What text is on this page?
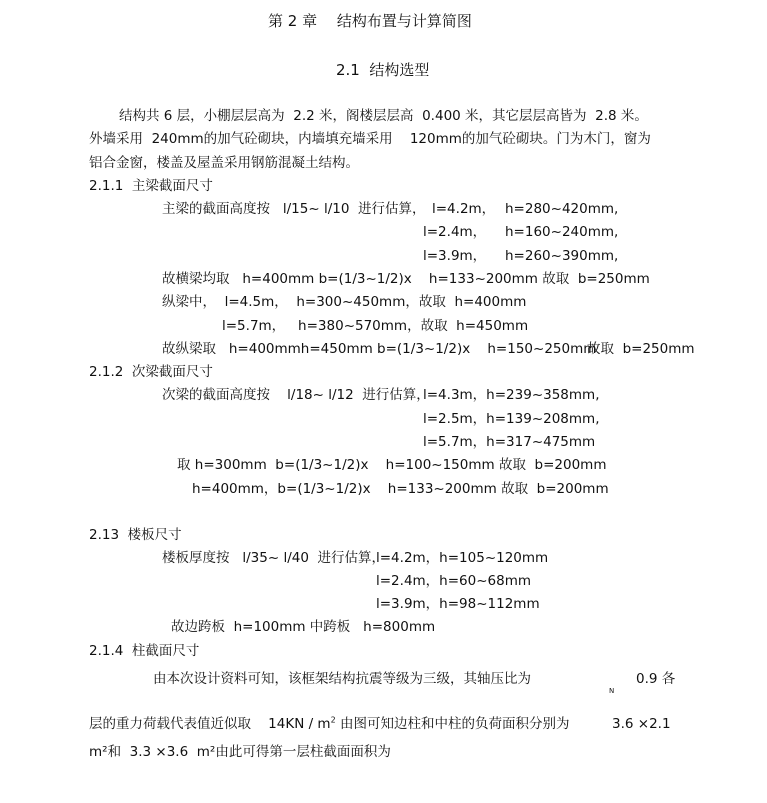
第 2 章　 结构布置与计算简图
2.1  结构选型
结构共 6 层，小棚层层高为  2.2 米，阁楼层层高  0.400 米，其它层层高皆为  2.8 米。
外墙采用  240mm的加气砼砌块，内墙填充墙采用    120mm的加气砼砌块。门为木门，窗为
铝合金窗，楼盖及屋盖采用钢筋混凝土结构。
2.1.1  主梁截面尺寸
主梁的截面高度按   l/15~ l/10  进行估算， l=4.2m， h=280~420mm,
l=2.4m， h=160~240mm,
l=3.9m， h=260~390mm,
故横梁均取   h=400mm b=(1/3~1/2)x    h=133~200mm 故取  b=250mm
纵梁中，  l=4.5m，  h=300~450mm，故取  h=400mm
l=5.7m，   h=380~570mm，故取  h=450mm
故纵梁取   h=400mmh=450mm b=(1/3~1/2)x    h=150~250mm
故取  b=250mm
2.1.2  次梁截面尺寸
次梁的截面高度按    l/18~ l/12  进行估算，
l=4.3m，h=239~358mm,
l=2.5m，h=139~208mm,
l=5.7m，h=317~475mm
取 h=300mm  b=(1/3~1/2)x    h=100~150mm 故取  b=200mm
h=400mm，b=(1/3~1/2)x    h=133~200mm 故取  b=200mm
2.13  楼板尺寸
楼板厚度按   l/35~ l/40  进行估算，
l=4.2m，h=105~120mm
l=2.4m，h=60~68mm
l=3.9m，h=98~112mm
故边跨板  h=100mm 中跨板   h=800mm
2.1.4  柱截面尺寸
由本次设计资料可知，该框架结构抗震等级为三级，其轴压比为
N
0.9 各
层的重力荷载代表值近似取    $14KN / m^2$ 由图可知边柱和中柱的负荷面积分别为	3.6 ×2.1
m²和  3.3 ×3.6  m²由此可得第一层柱截面面积为
